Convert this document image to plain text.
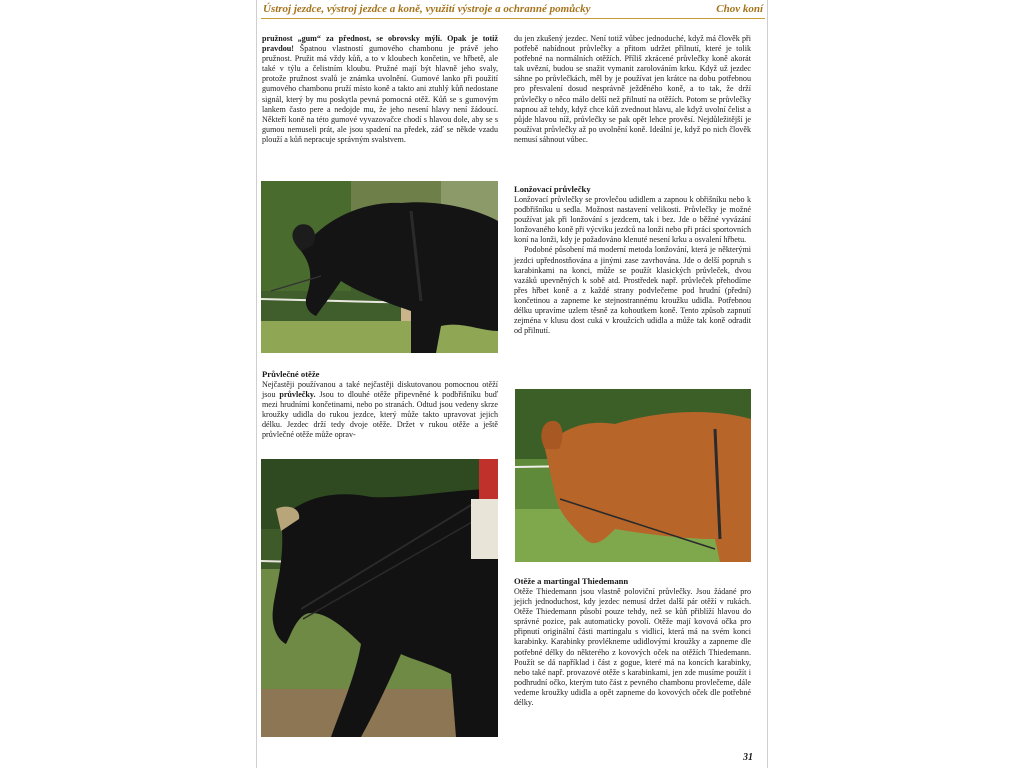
Ústroj jezdce, výstroj jezdce a koně, využití výstroje a ochranné pomůcky	Chov koní

pružnost „gum“ za přednost, se obrovsky mýlí. Opak je totiž pravdou! Špatnou vlastností gumového chambonu je právě jeho pružnost. Pružit má vždy kůň, a to v kloubech končetin, ve hřbetě, ale také v týlu a čelistním kloubu. Pružné mají být hlavně jeho svaly, protože pružnost svalů je známka uvolnění. Gumové lanko při použití gumového chambonu pruží místo koně a takto ani ztuhlý kůň nedostane signál, který by mu poskytla pevná pomocná otěž. Kůň se s gumovým lankem často pere a nedojde mu, že jeho nesení hlavy není žádoucí. Někteří koně na této gumové vyvazovačce chodí s hlavou dole, aby se s gumou nemuseli prát, ale jsou spadení na předek, záď se někde vzadu plouží a kůň nepracuje správným svalstvem.

Průvlečné otěže

Nejčastěji používanou a také nejčastěji diskutovanou pomocnou otěží jsou průvlečky. Jsou to dlouhé otěže připevněné k podbřišníku buď mezi hrudními končetinami, nebo po stranách. Odtud jsou vedeny skrze kroužky udidla do rukou jezdce, který může takto upravovat jejich délku. Jezdec drží tedy dvoje otěže. Držet v rukou otěže a ještě průvlečné otěže může oprav-

du jen zkušený jezdec. Není totiž vůbec jednoduché, když má člověk při potřebě nabídnout průvlečky a přitom udržet přilnutí, které je tolik potřebné na normálních otěžích. Příliš zkrácené průvlečky koně akorát tak uvězní, budou se snažit vymanit zarolováním krku. Když už jezdec sáhne po průvlečkách, měl by je používat jen krátce na dobu potřebnou pro přesvalení dosud nesprávně ježděného koně, a to tak, že drží průvlečky o něco málo delší než přilnutí na otěžích. Potom se průvlečky napnou až tehdy, když chce kůň zvednout hlavu, ale když uvolní čelist a půjde hlavou níž, průvlečky se pak opět lehce prověsí. Nejdůležitější je používat průvlečky až po uvolnění koně. Ideální je, když po nich člověk nemusí sáhnout vůbec.

Lonžovací průvlečky

Lonžovací průvlečky se provlečou udidlem a zapnou k obřišníku nebo k podbřišníku u sedla. Možnost nastavení velikosti. Průvlečky je možné používat jak při lonžování s jezdcem, tak i bez. Jde o běžné vyvázání lonžovaného koně při výcviku jezdců na lonži nebo při práci sportovních koní na lonži, kdy je požadováno klenuté nesení krku a osvalení hřbetu.

Podobné působení má moderní metoda lonžování, která je některými jezdci upřednostňována a jinými zase zavrhována. Jde o delší popruh s karabinkami na konci, může se použít klasických průvleček, dvou vazáků upevněných k sobě atd. Prostředek např. průvleček přehodíme přes hřbet koně a z každé strany podvlečeme pod hrudní (přední) končetinou a zapneme ke stejnostrannému kroužku udidla. Potřebnou délku upravíme uzlem těsně za kohoutkem koně. Tento způsob zapnutí zejména v klusu dost cuká v kroužcích udidla a může tak koně odradit od přilnutí.

Otěže a martingal Thiedemann

Otěže Thiedemann jsou vlastně poloviční průvlečky. Jsou žádané pro jejich jednoduchost, kdy jezdec nemusí držet další pár otěží v rukách. Otěže Thiedemann působí pouze tehdy, než se kůň přiblíží hlavou do správné pozice, pak automaticky povolí. Otěže mají kovová očka pro připnutí originální části martingalu s vidlicí, která má na svém konci karabinky. Karabinky provlékneme udidlovými kroužky a zapneme dle potřebné délky do některého z kovových oček na otěžích Thiedemann. Použít se dá například i část z gogue, které má na koncích karabinky, nebo také např. provazové otěže s karabinkami, jen zde musíme použít i podhrudní očko, kterým tuto část z pevného chambonu provlečeme, dále vedeme kroužky udidla a opět zapneme do kovových oček dle potřebné délky.

31
